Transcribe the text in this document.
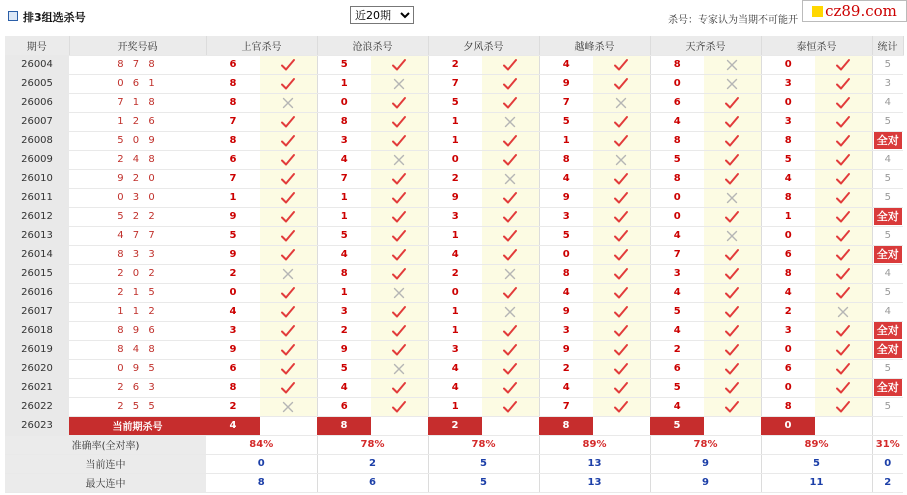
排3组选杀号
近20期	杀号：专家认为当期不可能开
cz89.com
期号	开奖号码	上官杀号		沧浪杀号		夕风杀号		越峰杀号		天齐杀号		泰恒杀号		统计
26004	8 7 8	6		5		2		4		8		0		5
26005	0 6 1	8		1		7		9		0		3		3
26006	7 1 8	8		0		5		7		6		0		4
26007	1 2 6	7		8		1		5		4		3		5
26008	5 0 9	8		3		1		1		8		8		全对
26009	2 4 8	6		4		0		8		5		5		4
26010	9 2 0	7		7		2		4		8		4		5
26011	0 3 0	1		1		9		9		0		8		5
26012	5 2 2	9		1		3		3		0		1		全对
26013	4 7 7	5		5		1		5		4		0		5
26014	8 3 3	9		4		4		0		7		6		全对
26015	2 0 2	2		8		2		8		3		8		4
26016	2 1 5	0		1		0		4		4		4		5
26017	1 1 2	4		3		1		9		5		2		4
26018	8 9 6	3		2		1		3		4		3		全对
26019	8 4 8	9		9		3		9		2		0		全对
26020	0 9 5	6		5		4		2		6		6		5
26021	2 6 3	8		4		4		4		5		0		全对
26022	2 5 5	2		6		1		7		4		8		5
26023	当前期杀号	4		8		2		8		5		0		
准确率(全对率)		84%		78%		78%		89%		78%		89%		31%
当前连中		0		2		5		13		9		5		0
最大连中		8		6		5		13		9		11		2
